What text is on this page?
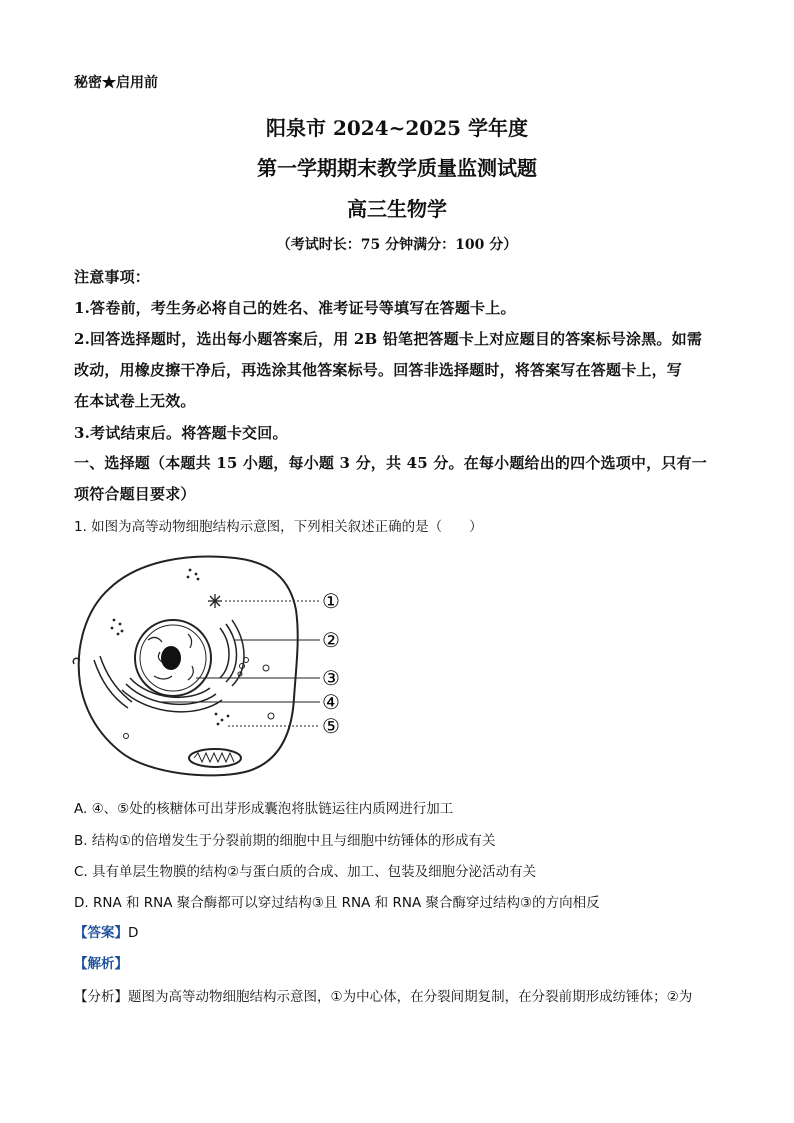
秘密★启用前
阳泉市 2024~2025 学年度
第一学期期末教学质量监测试题
高三生物学
（考试时长：75 分钟满分：100 分）
注意事项：
1.答卷前，考生务必将自己的姓名、准考证号等填写在答题卡上。
2.回答选择题时，选出每小题答案后，用 2B 铅笔把答题卡上对应题目的答案标号涂黑。如需
改动，用橡皮擦干净后，再选涂其他答案标号。回答非选择题时，将答案写在答题卡上，写
在本试卷上无效。
3.考试结束后。将答题卡交回。
一、选择题（本题共 15 小题，每小题 3 分，共 45 分。在每小题给出的四个选项中，只有一
项符合题目要求）
1. 如图为高等动物细胞结构示意图，下列相关叙述正确的是（　　）
①
②
③
④
⑤
A. ④、⑤处的核糖体可出芽形成囊泡将肽链运往内质网进行加工
B. 结构①的倍增发生于分裂前期的细胞中且与细胞中纺锤体的形成有关
C. 具有单层生物膜的结构②与蛋白质的合成、加工、包装及细胞分泌活动有关
D. RNA 和 RNA 聚合酶都可以穿过结构③且 RNA 和 RNA 聚合酶穿过结构③的方向相反
【答案】D
【解析】
【分析】题图为高等动物细胞结构示意图，①为中心体，在分裂间期复制，在分裂前期形成纺锤体；②为
